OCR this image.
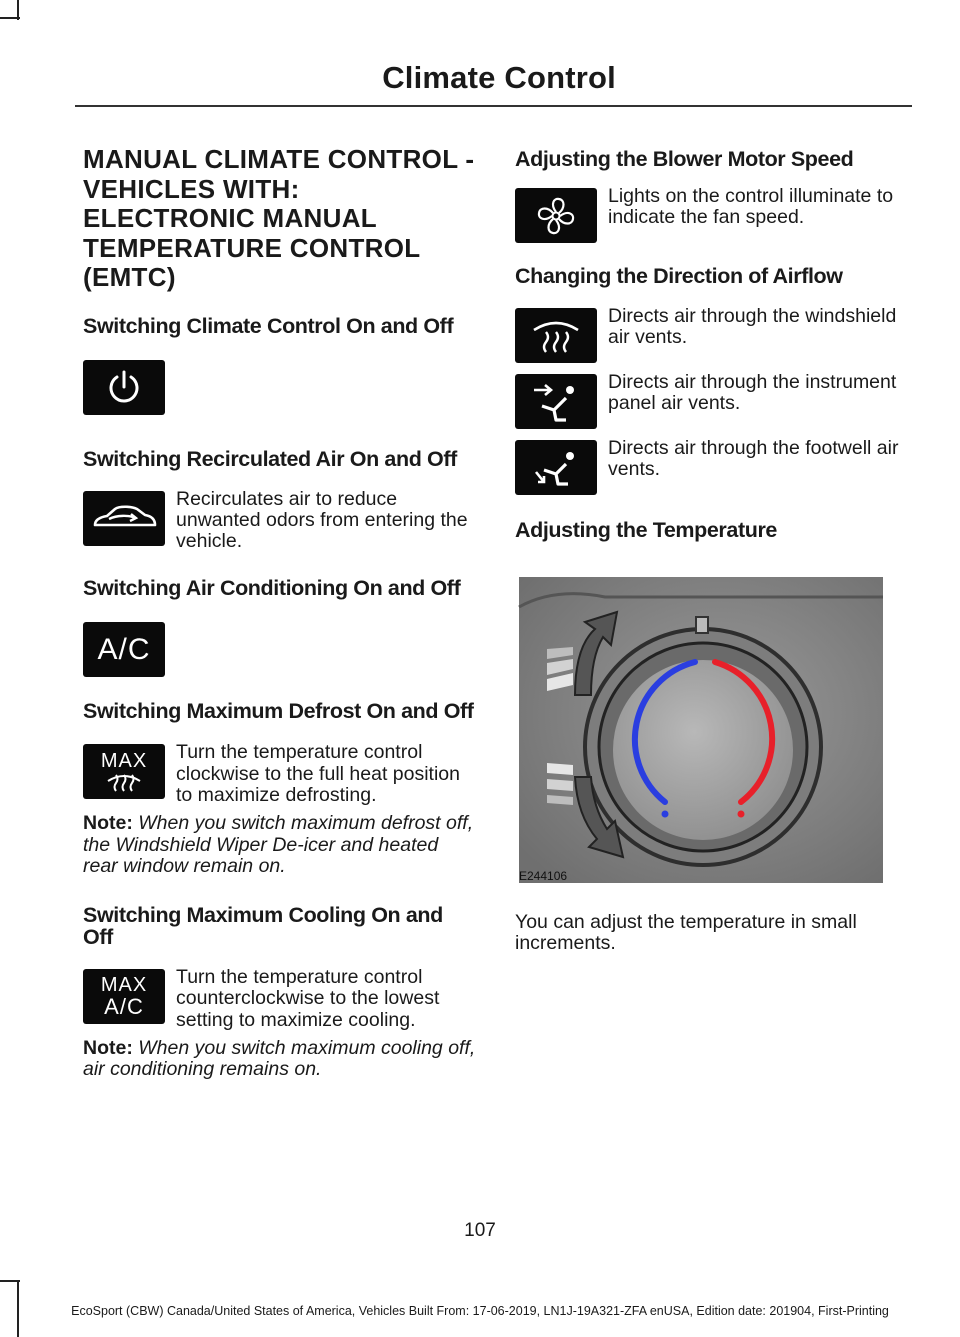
Climate Control
MANUAL CLIMATE CONTROL - VEHICLES WITH: ELECTRONIC MANUAL TEMPERATURE CONTROL (EMTC)
Switching Climate Control On and Off
Switching Recirculated Air On and Off

Recirculates air to reduce unwanted odors from entering the vehicle.

Switching Air Conditioning On and Off
A/C
Switching Maximum Defrost On and Off
MAX Turn the temperature control clockwise to the full heat position to maximize defrosting.

Note: When you switch maximum defrost off, the Windshield Wiper De-icer and heated rear window remain on.

Switching Maximum Cooling On and Off
MAX
A/C

Turn the temperature control counterclockwise to the lowest setting to maximize cooling.

Note: When you switch maximum cooling off, air conditioning remains on.

Adjusting the Blower Motor Speed

Lights on the control illuminate to indicate the fan speed.

Changing the Direction of Airflow

Directs air through the windshield air vents.

Directs air through the instrument panel air vents.

Directs air through the footwell air vents.

Adjusting the Temperature
E244106

You can adjust the temperature in small increments.

107
EcoSport (CBW) Canada/United States of America, Vehicles Built From: 17-06-2019, LN1J-19A321-ZFA enUSA, Edition date: 201904, First-Printing
